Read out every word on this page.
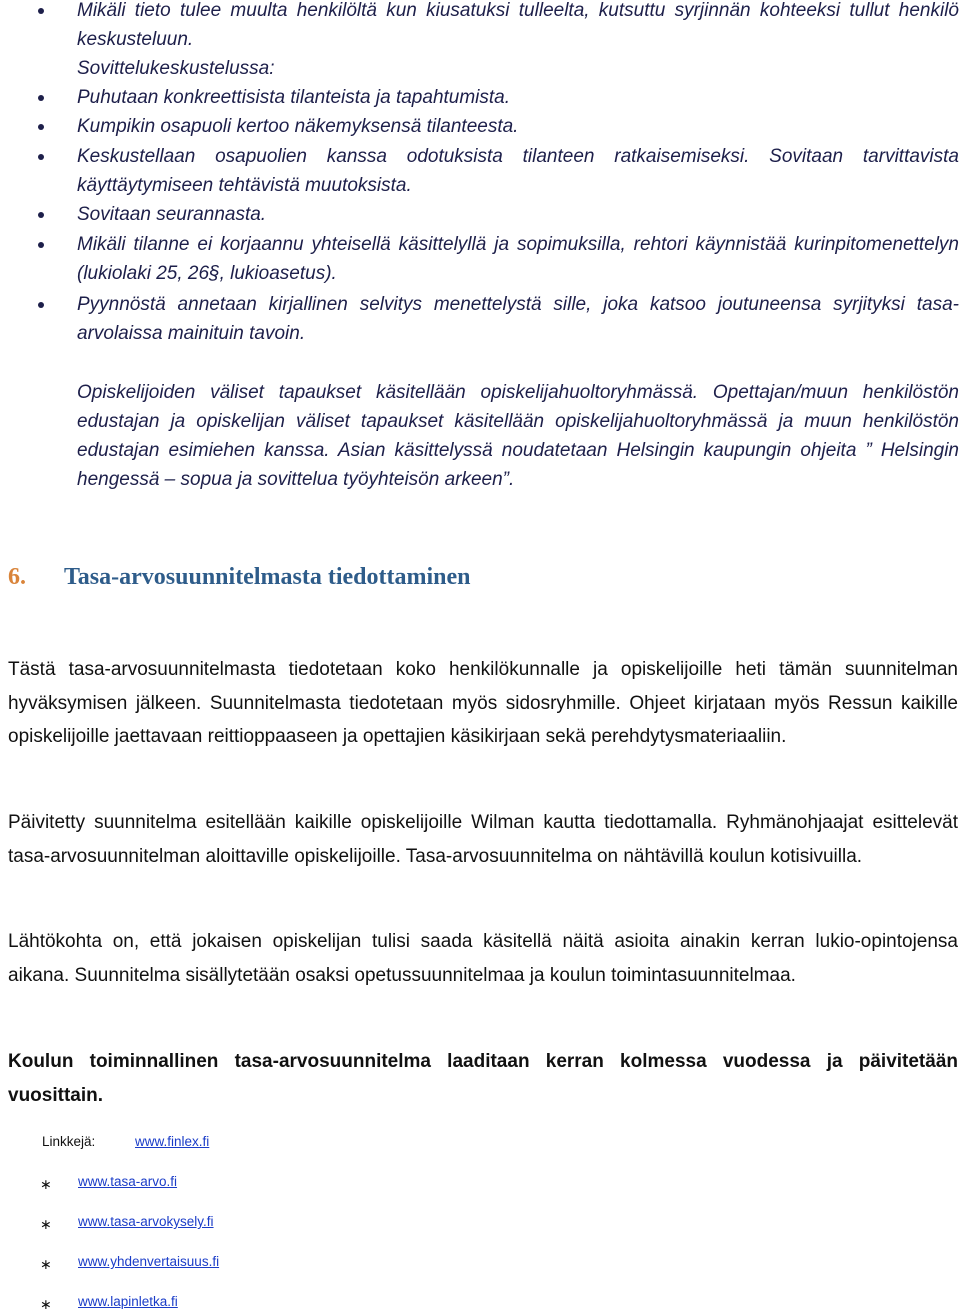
Mikäli tieto tulee muulta henkilöltä kun kiusatuksi tulleelta, kutsuttu syrjinnän kohteeksi tullut henkilö keskusteluun.
Sovittelukeskustelussa:
Puhutaan konkreettisista tilanteista ja tapahtumista.
Kumpikin osapuoli kertoo näkemyksensä tilanteesta.
Keskustellaan osapuolien kanssa odotuksista tilanteen ratkaisemiseksi. Sovitaan tarvittavista käyttäytymiseen tehtävistä muutoksista.
Sovitaan seurannasta.
Mikäli tilanne ei korjaannu yhteisellä käsittelyllä ja sopimuksilla, rehtori käynnistää kurinpitomenettelyn (lukiolaki 25, 26§, lukioasetus).
Pyynnöstä annetaan kirjallinen selvitys menettelystä sille, joka katsoo joutuneensa syrjityksi tasa-arvolaissa mainituin tavoin.
Opiskelijoiden väliset tapaukset käsitellään opiskelijahuoltoryhmässä. Opettajan/muun henkilöstön edustajan ja opiskelijan väliset tapaukset käsitellään opiskelijahuoltoryhmässä ja muun henkilöstön edustajan esimiehen kanssa. Asian käsittelyssä noudatetaan Helsingin kaupungin ohjeita ” Helsingin hengessä – sopua ja sovittelua työyhteisön arkeen”.
6. Tasa-arvosuunnitelmasta tiedottaminen
Tästä tasa-arvosuunnitelmasta tiedotetaan koko henkilökunnalle ja opiskelijoille heti tämän suunnitelman hyväksymisen jälkeen. Suunnitelmasta tiedotetaan myös sidosryhmille. Ohjeet kirjataan myös Ressun kaikille opiskelijoille jaettavaan reittioppaaseen ja opettajien käsikirjaan sekä perehdytysmateriaaliin.
Päivitetty suunnitelma esitellään kaikille opiskelijoille Wilman kautta tiedottamalla. Ryhmänohjaajat esittelevät tasa-arvosuunnitelman aloittaville opiskelijoille. Tasa-arvosuunnitelma on nähtävillä koulun kotisivuilla.
Lähtökohta on, että jokaisen opiskelijan tulisi saada käsitellä näitä asioita ainakin kerran lukio-opintojensa aikana. Suunnitelma sisällytetään osaksi opetussuunnitelmaa ja koulun toimintasuunnitelmaa.
Koulun toiminnallinen tasa-arvosuunnitelma laaditaan kerran kolmessa vuodessa ja päivitetään vuosittain.
Linkkejä:	www.finlex.fi
∗ www.tasa-arvo.fi
∗ www.tasa-arvokysely.fi
∗ www.yhdenvertaisuus.fi
∗ www.lapinletka.fi
